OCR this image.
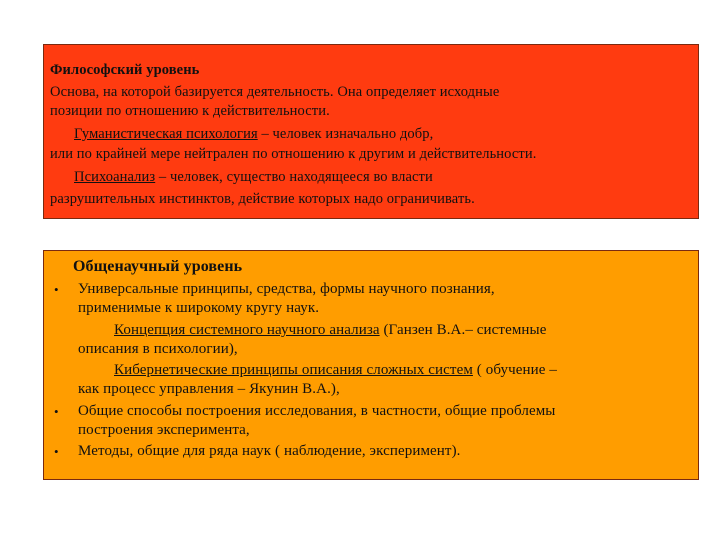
Философский уровень
Основа, на которой базируется деятельность. Она определяет исходные
позиции по отношению к действительности.
Гуманистическая психология – человек изначально добр,
или по крайней мере нейтрален по отношению к другим и действительности.
Психоанализ – человек, существо находящееся во власти
разрушительных инстинктов, действие которых надо ограничивать.
Общенаучный уровень
• Универсальные принципы, средства, формы научного познания,
применимые к широкому кругу наук.
Концепция системного научного анализа (Ганзен В.А.– системные
описания в психологии),
Кибернетические принципы описания сложных систем ( обучение –
как процесс управления – Якунин В.А.),
• Общие способы построения исследования, в частности, общие проблемы
построения эксперимента,
• Методы, общие для ряда наук ( наблюдение, эксперимент).
